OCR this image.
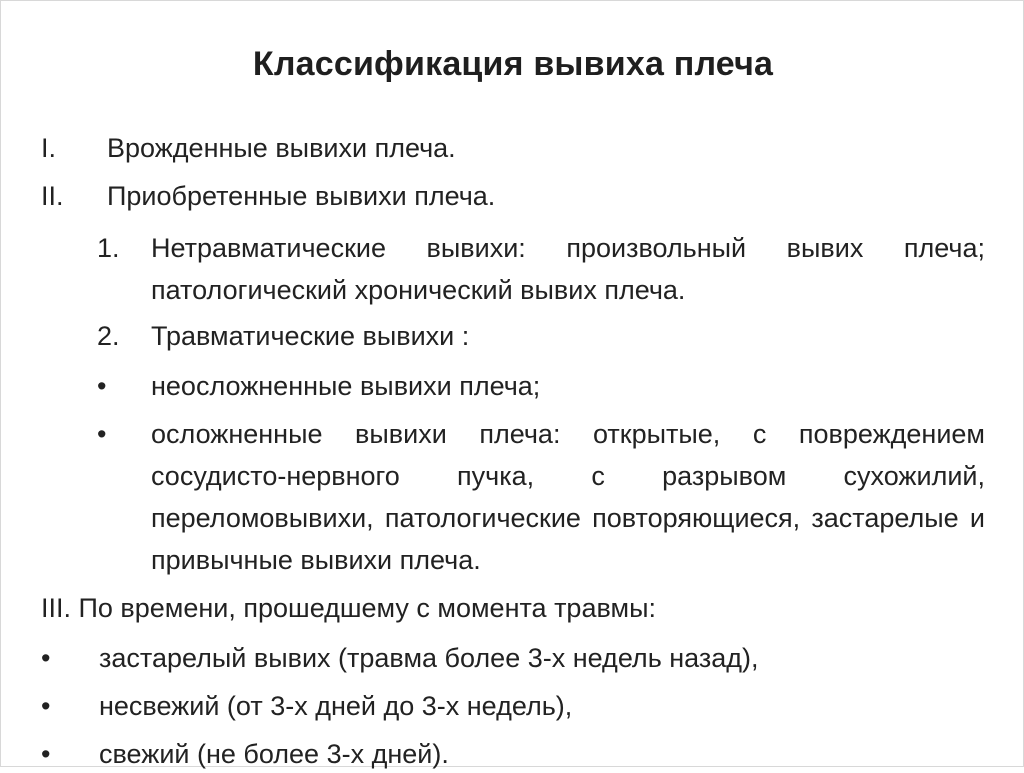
Классификация вывиха плеча
I. Врожденные вывихи плеча.
II. Приобретенные вывихи плеча.
1. Нетравматические вывихи: произвольный вывих плеча; патологический хронический вывих плеча.
2. Травматические вывихи :
• неосложненные вывихи плеча;
• осложненные вывихи плеча: открытые, с повреждением сосудисто-нервного пучка, с разрывом сухожилий, переломовывихи, патологические повторяющиеся, застарелые и привычные вывихи плеча.
III. По времени, прошедшему с момента травмы:
• застарелый вывих (травма более 3-х недель назад),
• несвежий (от 3-х дней до 3-х недель),
• свежий (не более 3-х дней).
